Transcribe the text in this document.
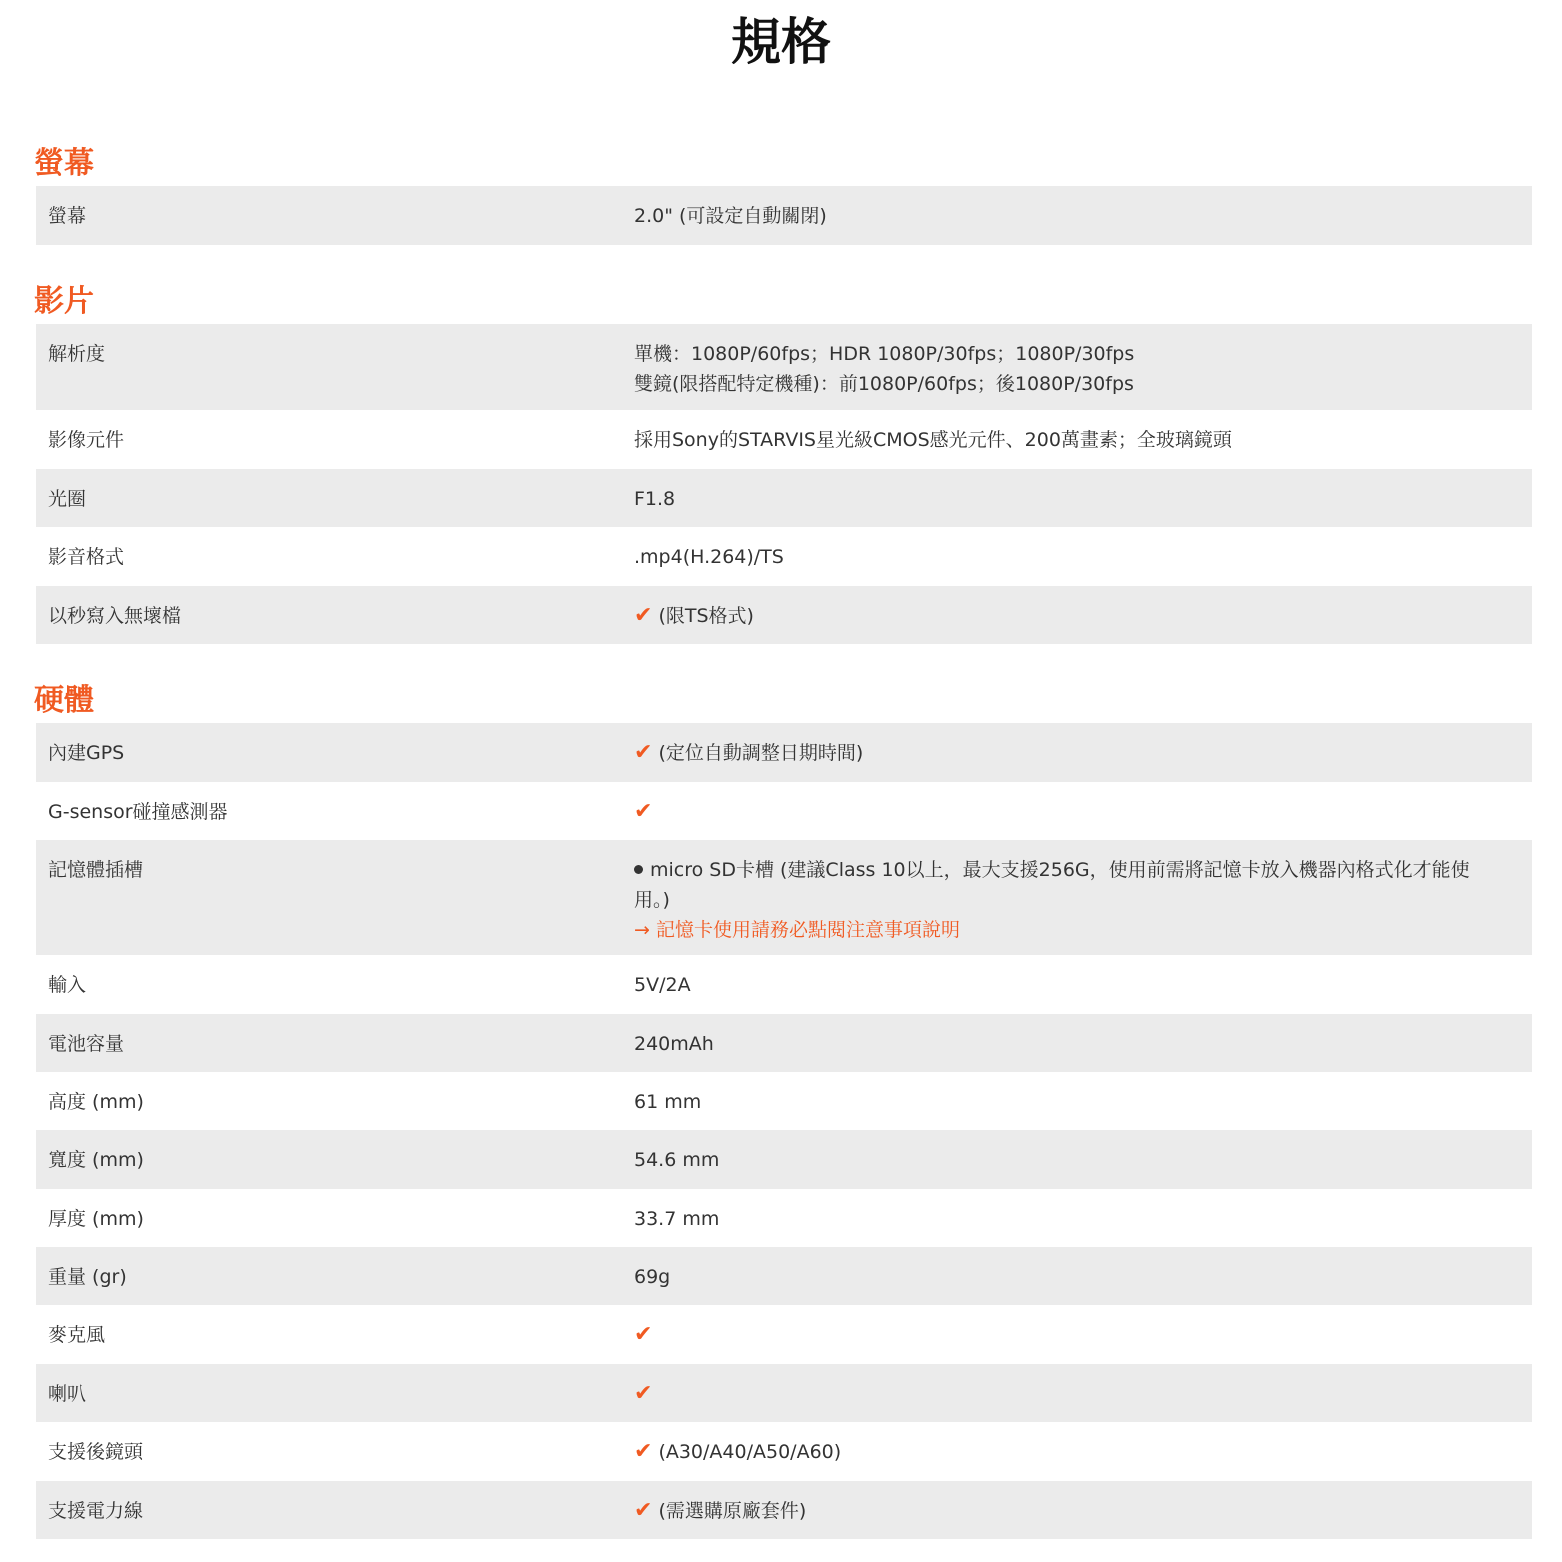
規格
螢幕
螢幕	2.0" (可設定自動關閉)
影片
解析度	單機：1080P/60fps；HDR 1080P/30fps；1080P/30fps
雙鏡(限搭配特定機種)：前1080P/60fps；後1080P/30fps
影像元件	採用Sony的STARVIS星光級CMOS感光元件、200萬畫素；全玻璃鏡頭
光圈	F1.8
影音格式	.mp4(H.264)/TS
以秒寫入無壞檔	✔ (限TS格式)
硬體
內建GPS	✔ (定位自動調整日期時間)
G-sensor碰撞感測器	✔
記憶體插槽	micro SD卡槽 (建議Class 10以上，最大支援256G，使用前需將記憶卡放入機器內格式化才能使用。)
→ 記憶卡使用請務必點閱注意事項說明
輸入	5V/2A
電池容量	240mAh
高度 (mm)	61 mm
寬度 (mm)	54.6 mm
厚度 (mm)	33.7 mm
重量 (gr)	69g
麥克風	✔
喇叭	✔
支援後鏡頭	✔ (A30/A40/A50/A60)
支援電力線	✔ (需選購原廠套件)
